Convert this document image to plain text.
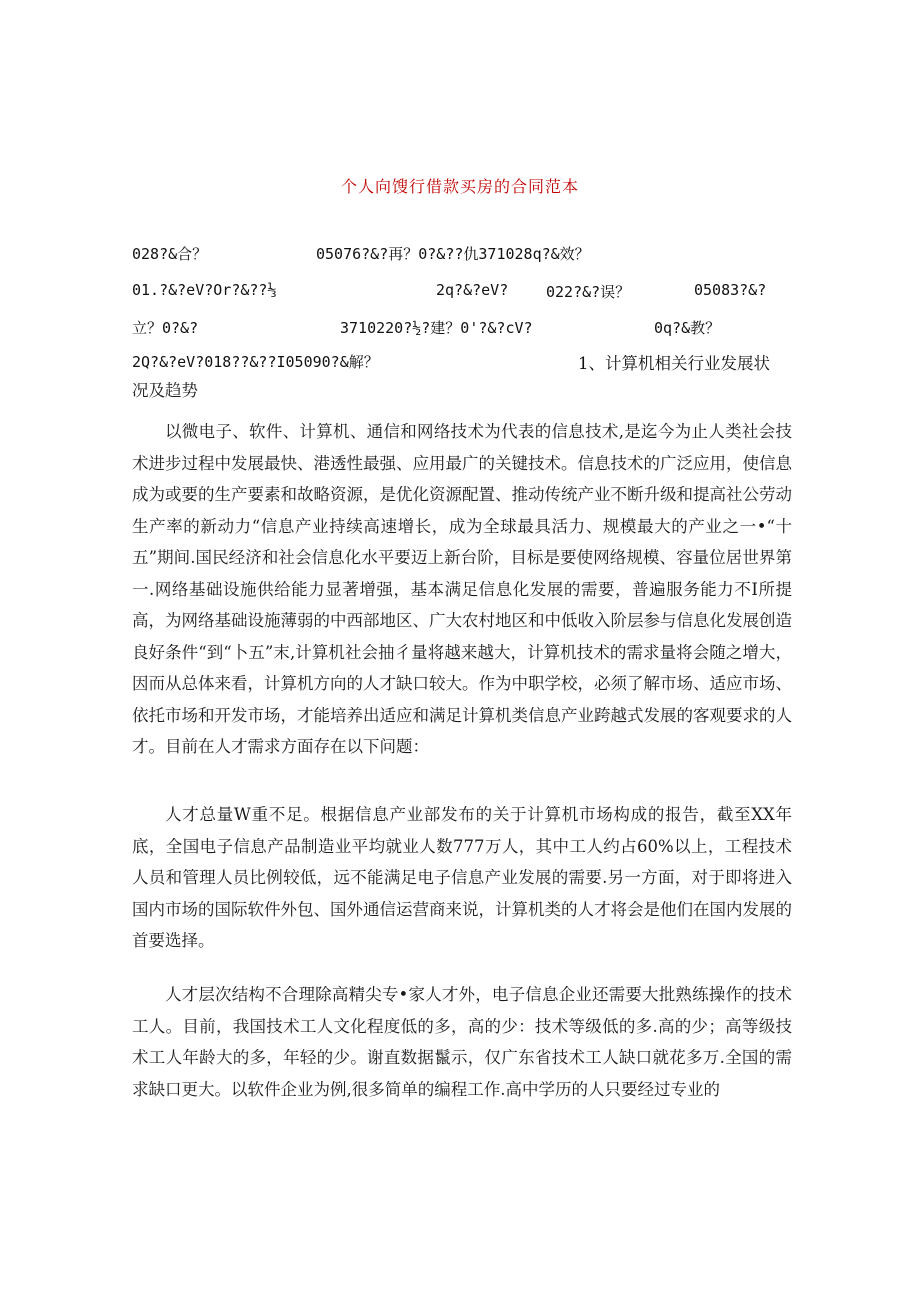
个人向馊行借款买房的合同范本
028?&合？	05076?&?再？0?&??仇371028q?&效？
01.?&?eV?Or?&??⅓	2q?&?eV?	022?&?误？	05083?&?
立？0?&?	3710220?½?建？0'?&?cV?	0q?&教？
2Q?&?eV?018??&??I05090?&解？	1、计算机相关行业发展状
况及趋势

以微电子、软件、计算机、通信和网络技术为代表的信息技术,是迄今为止人类社会技术进步过程中发展最快、港透性最强、应用最广的关键技术。信息技术的广泛应用，使信息成为或要的生产要素和故略资源，是优化资源配置、推动传统产业不断升级和提高社公劳动生产率的新动力“信息产业持续高速增长，成为全球最具活力、规模最大的产业之一•“十五”期间.国民经济和社会信息化水平要迈上新台阶，目标是要使网络规模、容量位居世界第一.网络基础设施供给能力显著增强，基本满足信息化发展的需要，普遍服务能力不I所提高，为网络基础设施薄弱的中西部地区、广大农村地区和中低收入阶层参与信息化发展创造良好条件“到“卜五”末,计算机社会抽彳量将越来越大，计算机技术的需求量将会随之增大，因而从总体来看，计算机方向的人才缺口较大。作为中职学校，必须了解市场、适应市场、依托市场和开发市场，才能培养出适应和满足计算机类信息产业跨越式发展的客观要求的人才。目前在人才需求方面存在以下问题：

人才总量W重不足。根据信息产业部发布的关于计算机市场构成的报告，截至XX年底，全国电子信息产品制造业平均就业人数777万人，其中工人约占60%以上，工程技术人员和管理人员比例较低，远不能满足电子信息产业发展的需要.另一方面，对于即将进入国内市场的国际软件外包、国外通信运营商来说，计算机类的人才将会是他们在国内发展的首要选择。

人才层次结构不合理除高精尖专•家人才外，电子信息企业还需要大批熟练操作的技术工人。目前，我国技术工人文化程度低的多，高的少：技术等级低的多.高的少；高等级技术工人年龄大的多，年轻的少。谢直数据鬣示，仅广东省技术工人缺口就花多万.全国的需求缺口更大。以软件企业为例,很多简单的编程工作.高中学历的人只要经过专业的
